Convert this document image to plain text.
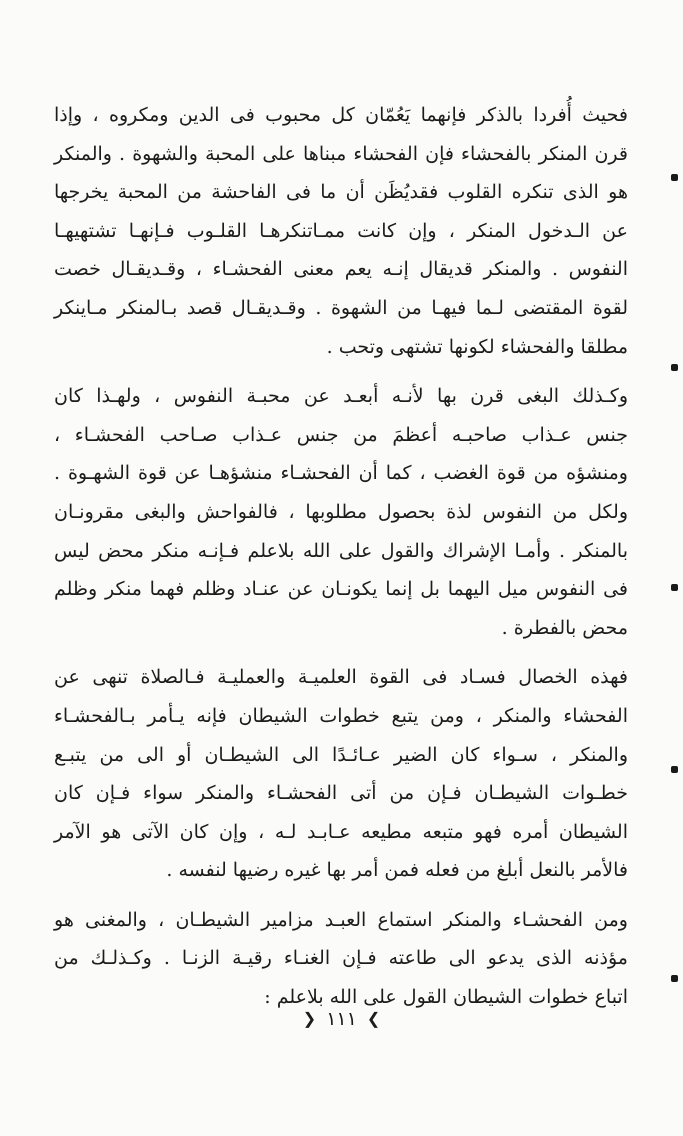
فحيث أُفردا بالذكر فإنهما يَعُمّان كل محبوب فى الدين ومكروه ، وإذا
قرن المنكر بالفحشاء فإن الفحشاء مبناها على المحبة والشهوة . والمنكر
هو الذى تنكره القلوب فقديُظَن أن ما فى الفاحشة من المحبة يخرجها
عن الـدخول المنكر ، وإن كانت ممـاتنكرهـا القلـوب فـإنهـا تشتهيهـا
النفوس . والمنكر قديقال إنـه يعم معنى الفحشـاء ، وقـديقـال خصت
لقوة المقتضى لـما فيهـا من الشهوة . وقـديقـال قصد بـالمنكر مـاينكر
مطلقا والفحشاء لكونها تشتهى وتحب .

وكـذلك البغى قرن بها لأنـه أبعـد عن محبـة النفوس ، ولهـذا كان
جنس عـذاب صاحبـه أعظمَ من جنس عـذاب صـاحب الفحشـاء ،
ومنشؤه من قوة الغضب ، كما أن الفحشـاء منشؤهـا عن قوة الشهـوة .
ولكل من النفوس لذة بحصول مطلوبها ، فالفواحش والبغى مقرونـان
بالمنكر . وأمـا الإشراك والقول على الله بلاعلم فـإنـه منكر محض ليس
فى النفوس ميل اليهما بل إنما يكونـان عن عنـاد وظلم فهما منكر وظلم
محض بالفطرة .

فهذه الخصال فسـاد فى القوة العلميـة والعمليـة فـالصلاة تنهى عن
الفحشاء والمنكر ، ومن يتبع خطوات الشيطان فإنه يـأمر بـالفحشـاء
والمنكر ، سـواء كان الضير عـائـدًا الى الشيطـان أو الى من يتبـع
خطـوات الشيطـان فـإن من أتى الفحشـاء والمنكر سواء فـإن كان
الشيطان أمره فهو متبعه مطيعه عـابـد لـه ، وإن كان الآتى هو الآمر
فالأمر بالنعل أبلغ من فعله فمن أمر بها غيره رضيها لنفسه .

ومن الفحشـاء والمنكر استماع العبـد مزامير الشيطـان ، والمغنى هو
مؤذنه الذى يدعو الى طاعته فـإن الغنـاء رقيـة الزنـا . وكـذلـك من
اتباع خطوات الشيطان القول على الله بلاعلم :

❯ ١١١ ❮
